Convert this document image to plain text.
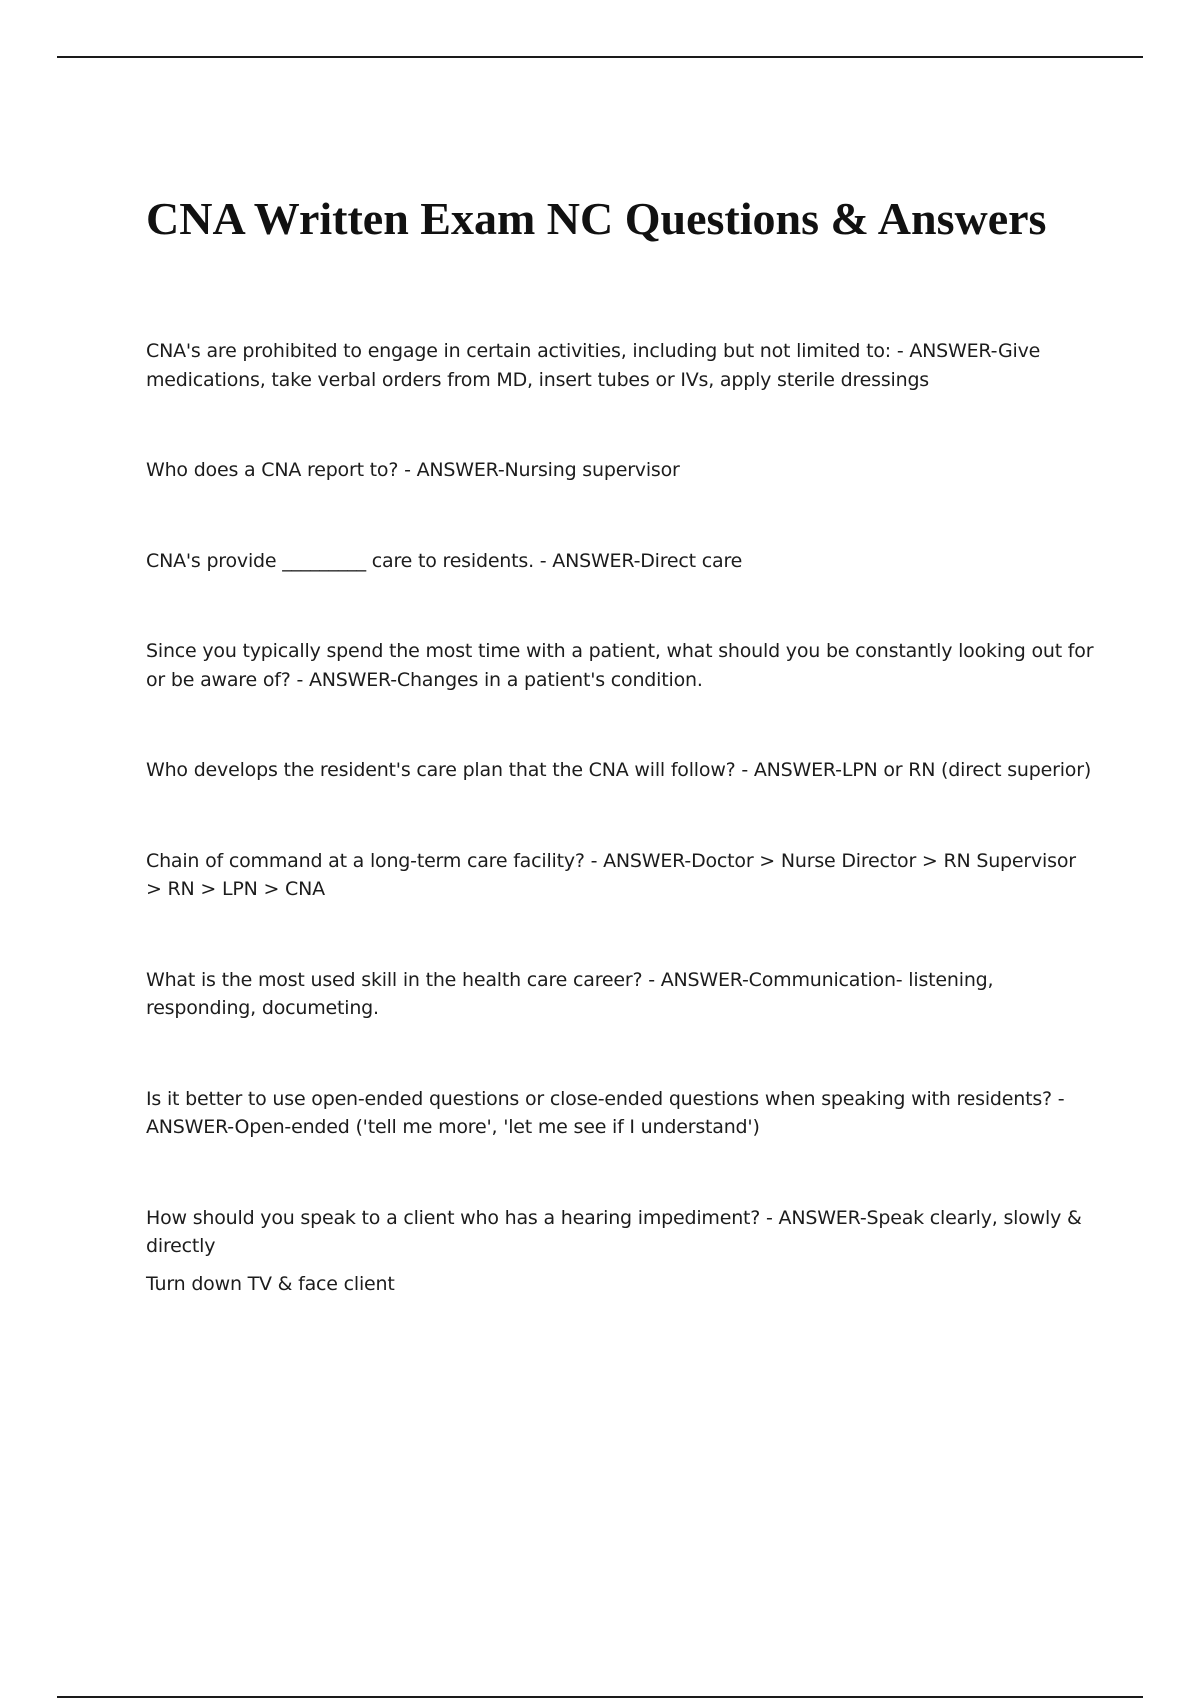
CNA Written Exam NC Questions & Answers

CNA's are prohibited to engage in certain activities, including but not limited to: - ANSWER-Give medications, take verbal orders from MD, insert tubes or IVs, apply sterile dressings

Who does a CNA report to? - ANSWER-Nursing supervisor

CNA's provide _________ care to residents. - ANSWER-Direct care

Since you typically spend the most time with a patient, what should you be constantly looking out for or be aware of? - ANSWER-Changes in a patient's condition.

Who develops the resident's care plan that the CNA will follow? - ANSWER-LPN or RN (direct superior)

Chain of command at a long-term care facility? - ANSWER-Doctor > Nurse Director > RN Supervisor > RN > LPN > CNA

What is the most used skill in the health care career? - ANSWER-Communication- listening, responding, documeting.

Is it better to use open-ended questions or close-ended questions when speaking with residents? - ANSWER-Open-ended ('tell me more', 'let me see if I understand')

How should you speak to a client who has a hearing impediment? - ANSWER-Speak clearly, slowly & directly

Turn down TV & face client
